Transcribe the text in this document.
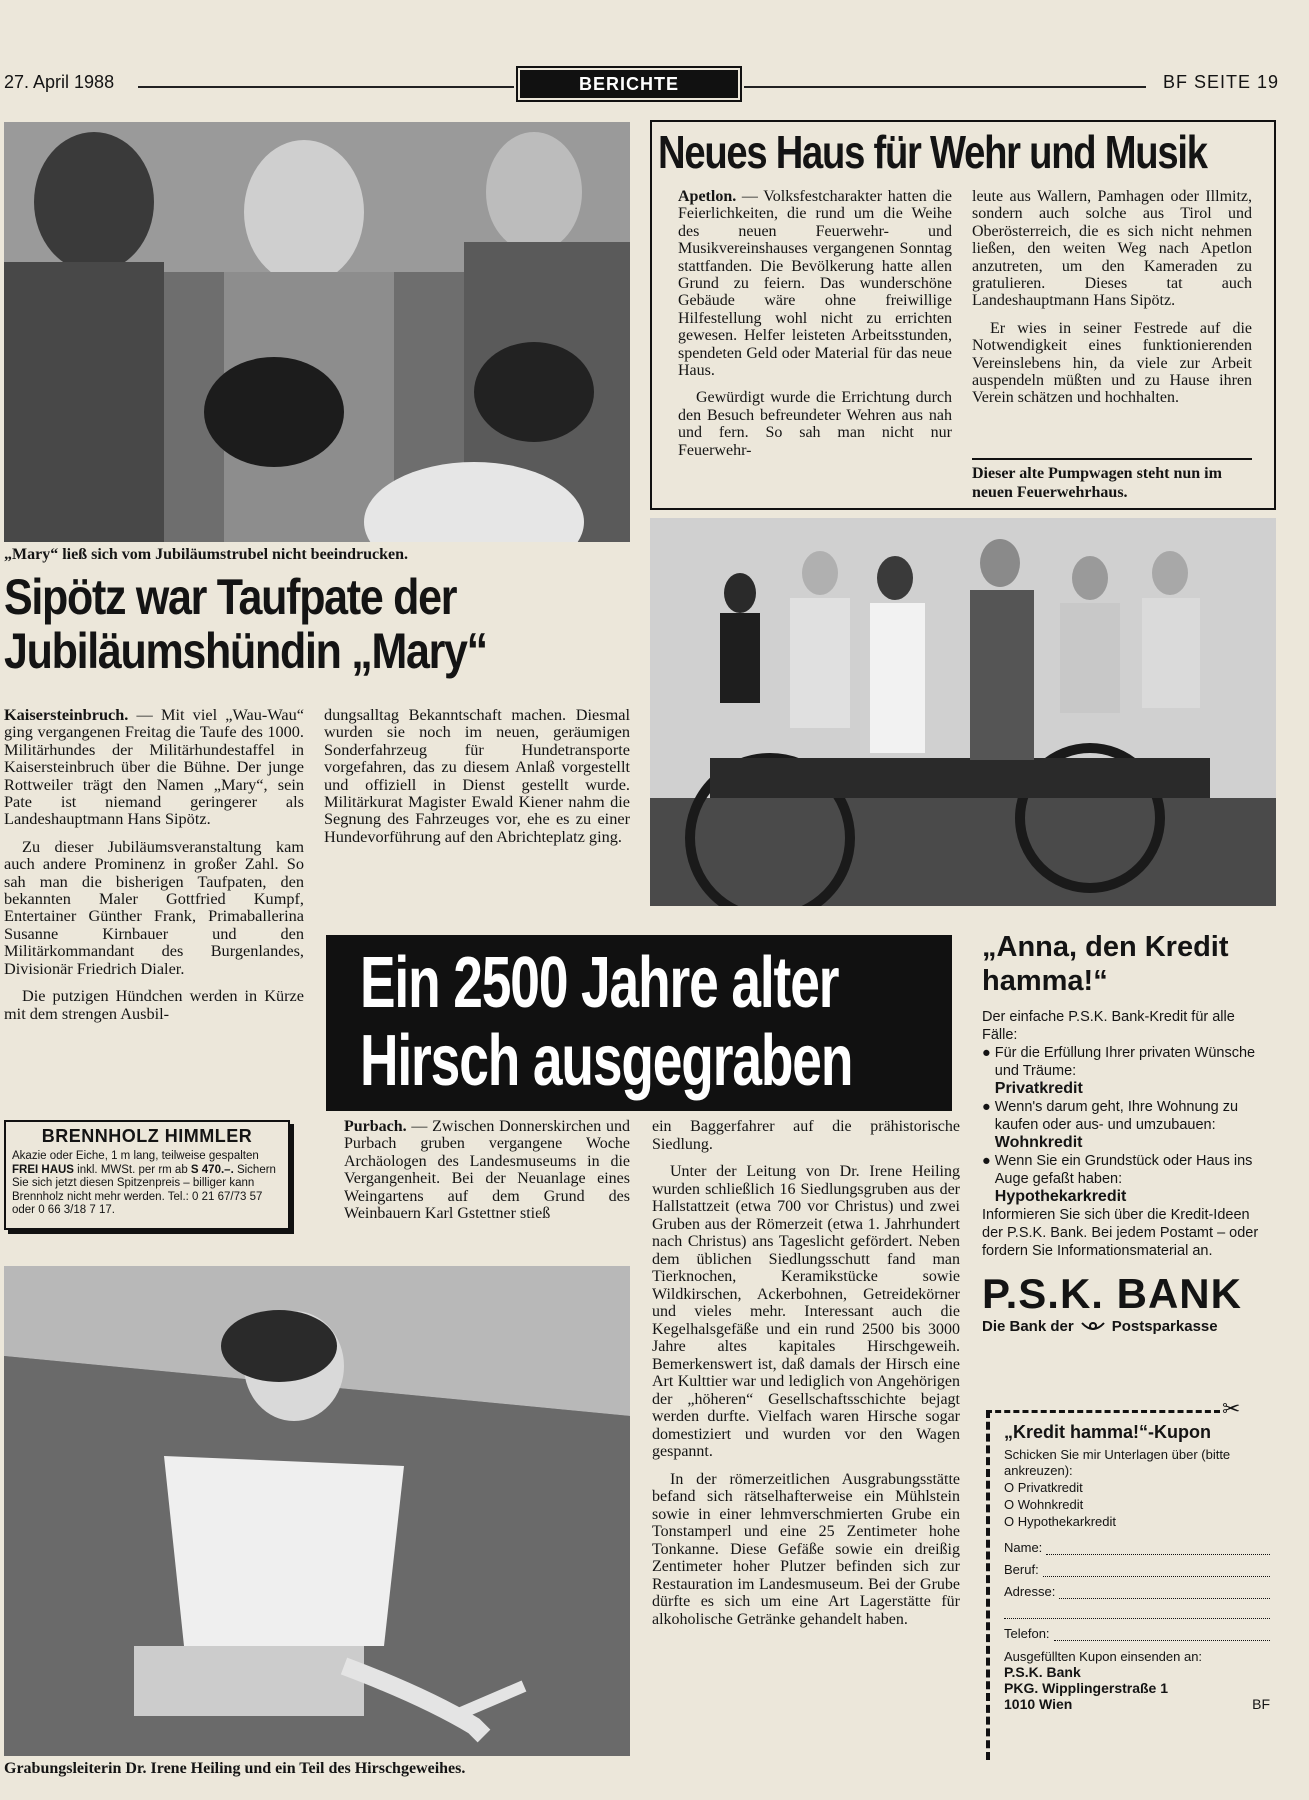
27. April 1988	BERICHTE	BF SEITE 19
„Mary“ ließ sich vom Jubiläumstrubel nicht beeindrucken.
Sipötz war Taufpate der
Jubiläumshündin „Mary“

Kaisersteinbruch. — Mit viel „Wau-Wau“ ging vergangenen Freitag die Taufe des 1000. Militärhundes der Militärhundestaffel in Kaisersteinbruch über die Bühne. Der junge Rottweiler trägt den Namen „Mary“, sein Pate ist niemand geringerer als Landeshauptmann Hans Sipötz.

Zu dieser Jubiläumsveranstaltung kam auch andere Prominenz in großer Zahl. So sah man die bisherigen Taufpaten, den bekannten Maler Gottfried Kumpf, Entertainer Günther Frank, Primaballerina Susanne Kirnbauer und den Militärkommandant des Burgenlandes, Divisionär Friedrich Dialer.

Die putzigen Hündchen werden in Kürze mit dem strengen Ausbil-

dungsalltag Bekanntschaft machen. Diesmal wurden sie noch im neuen, geräumigen Sonderfahrzeug für Hundetransporte vorgefahren, das zu diesem Anlaß vorgestellt und offiziell in Dienst gestellt wurde. Militärkurat Magister Ewald Kiener nahm die Segnung des Fahrzeuges vor, ehe es zu einer Hundevorführung auf den Abrichteplatz ging.

BRENNHOLZ HIMMLER
Akazie oder Eiche, 1 m lang, teilweise gespalten FREI HAUS inkl. MWSt. per rm ab S 470.–. Sichern Sie sich jetzt diesen Spitzenpreis – billiger kann Brennholz nicht mehr werden. Tel.: 0 21 67/73 57 oder 0 66 3/18 7 17.
Grabungsleiterin Dr. Irene Heiling und ein Teil des Hirschgeweihes.
Neues Haus für Wehr und Musik

Apetlon. — Volksfestcharakter hatten die Feierlichkeiten, die rund um die Weihe des neuen Feuerwehr- und Musikvereinshauses vergangenen Sonntag stattfanden. Die Bevölkerung hatte allen Grund zu feiern. Das wunderschöne Gebäude wäre ohne freiwillige Hilfestellung wohl nicht zu errichten gewesen. Helfer leisteten Arbeitsstunden, spendeten Geld oder Material für das neue Haus.

Gewürdigt wurde die Errichtung durch den Besuch befreundeter Wehren aus nah und fern. So sah man nicht nur Feuerwehr-

leute aus Wallern, Pamhagen oder Illmitz, sondern auch solche aus Tirol und Oberösterreich, die es sich nicht nehmen ließen, den weiten Weg nach Apetlon anzutreten, um den Kameraden zu gratulieren. Dieses tat auch Landeshauptmann Hans Sipötz.

Er wies in seiner Festrede auf die Notwendigkeit eines funktionierenden Vereinslebens hin, da viele zur Arbeit auspendeln müßten und zu Hause ihren Verein schätzen und hochhalten.

Dieser alte Pumpwagen steht nun im neuen Feuerwehrhaus.
Ein 2500 Jahre alter
Hirsch ausgegraben

Purbach. — Zwischen Donnerskirchen und Purbach gruben vergangene Woche Archäologen des Landesmuseums in die Vergangenheit. Bei der Neuanlage eines Weingartens auf dem Grund des Weinbauern Karl Gstettner stieß

ein Baggerfahrer auf die prähistorische Siedlung.

Unter der Leitung von Dr. Irene Heiling wurden schließlich 16 Siedlungsgruben aus der Hallstattzeit (etwa 700 vor Christus) und zwei Gruben aus der Römerzeit (etwa 1. Jahrhundert nach Christus) ans Tageslicht gefördert. Neben dem üblichen Siedlungsschutt fand man Tierknochen, Keramikstücke sowie Wildkirschen, Ackerbohnen, Getreidekörner und vieles mehr. Interessant auch die Kegelhalsgefäße und ein rund 2500 bis 3000 Jahre altes kapitales Hirschgeweih. Bemerkenswert ist, daß damals der Hirsch eine Art Kulttier war und lediglich von Angehörigen der „höheren“ Gesellschaftsschichte bejagt werden durfte. Vielfach waren Hirsche sogar domestiziert und wurden vor den Wagen gespannt.

In der römerzeitlichen Ausgrabungsstätte befand sich rätselhafterweise ein Mühlstein sowie in einer lehmverschmierten Grube ein Tonstamperl und eine 25 Zentimeter hohe Tonkanne. Diese Gefäße sowie ein dreißig Zentimeter hoher Plutzer befinden sich zur Restauration im Landesmuseum. Bei der Grube dürfte es sich um eine Art Lagerstätte für alkoholische Getränke gehandelt haben.

„Anna, den Kredit hamma!“
Der einfache P.S.K. Bank-Kredit für alle Fälle:
● Für die Erfüllung Ihrer privaten Wünsche und Träume:
Privatkredit
● Wenn's darum geht, Ihre Wohnung zu kaufen oder aus- und umzubauen:
Wohnkredit
● Wenn Sie ein Grundstück oder Haus ins Auge gefaßt haben:
Hypothekarkredit
Informieren Sie sich über die Kredit-Ideen der P.S.K. Bank. Bei jedem Postamt – oder fordern Sie Informationsmaterial an.
P.S.K. BANK
Die Bank der	Postsparkasse
✂
„Kredit hamma!“-Kupon
Schicken Sie mir Unterlagen über (bitte ankreuzen):
O Privatkredit
O Wohnkredit
O Hypothekarkredit
Name:
Beruf:
Adresse:
Telefon:
Ausgefüllten Kupon einsenden an:
P.S.K. Bank
PKG. Wipplingerstraße 1
1010 Wien	BF
